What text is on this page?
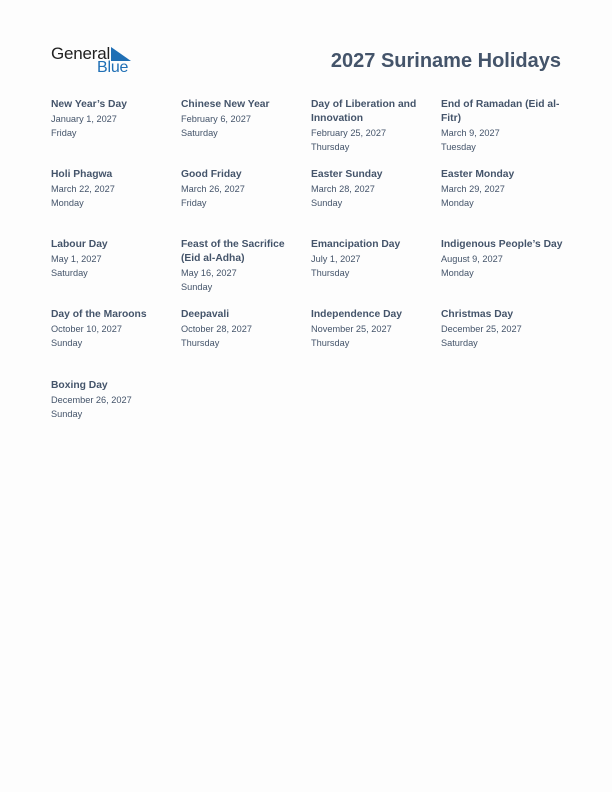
General
Blue	2027 Suriname Holidays
New Year’s Day
January 1, 2027
Friday
Chinese New Year
February 6, 2027
Saturday
Day of Liberation and Innovation
February 25, 2027
Thursday
End of Ramadan (Eid al-Fitr)
March 9, 2027
Tuesday
Holi Phagwa
March 22, 2027
Monday
Good Friday
March 26, 2027
Friday
Easter Sunday
March 28, 2027
Sunday
Easter Monday
March 29, 2027
Monday
Labour Day
May 1, 2027
Saturday
Feast of the Sacrifice (Eid al-Adha)
May 16, 2027
Sunday
Emancipation Day
July 1, 2027
Thursday
Indigenous People’s Day
August 9, 2027
Monday
Day of the Maroons
October 10, 2027
Sunday
Deepavali
October 28, 2027
Thursday
Independence Day
November 25, 2027
Thursday
Christmas Day
December 25, 2027
Saturday
Boxing Day
December 26, 2027
Sunday
